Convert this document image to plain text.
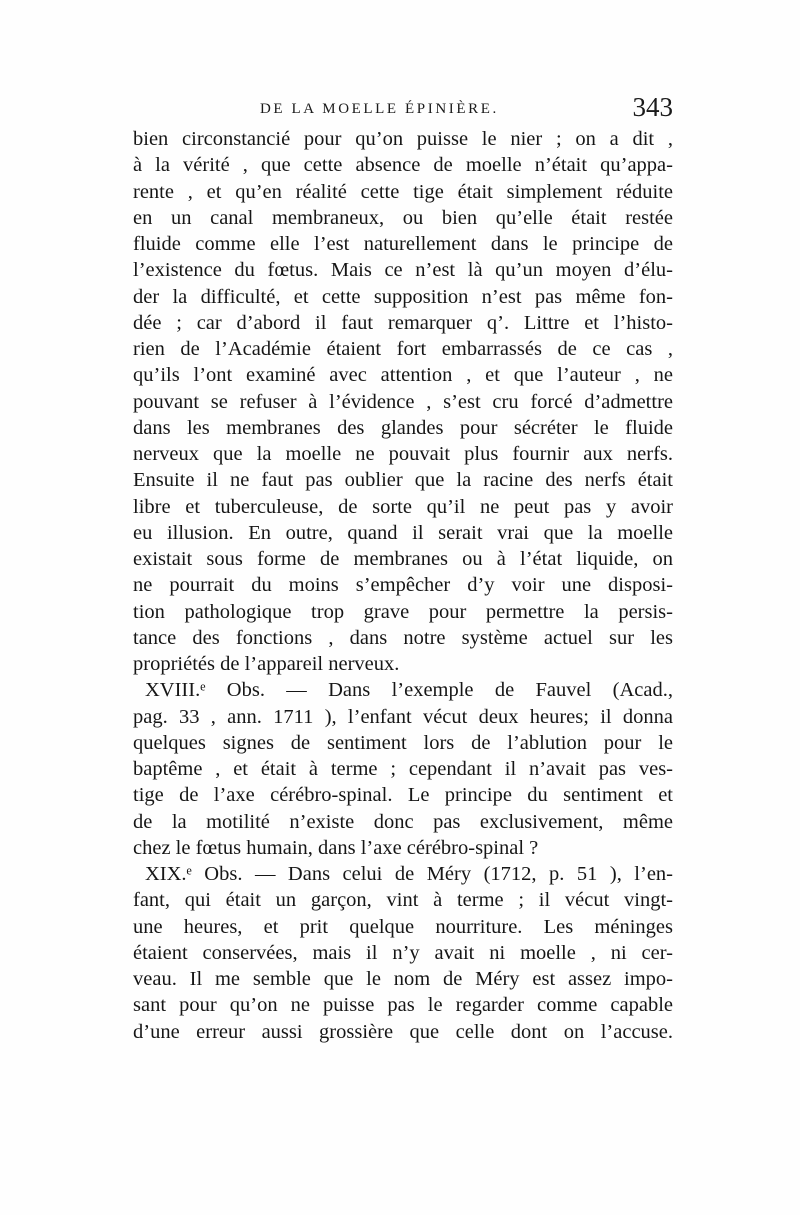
DE LA MOELLE ÉPINIÈRE.	343
bien circonstancié pour qu’on puisse le nier ; on a dit ,
à la vérité , que cette absence de moelle n’était qu’appa-
rente , et qu’en réalité cette tige était simplement réduite
en un canal membraneux, ou bien qu’elle était restée
fluide comme elle l’est naturellement dans le principe de
l’existence du fœtus. Mais ce n’est là qu’un moyen d’élu-
der la difficulté, et cette supposition n’est pas même fon-
dée ; car d’abord il faut remarquer q’. Littre et l’histo-
rien de l’Académie étaient fort embarrassés de ce cas ,
qu’ils l’ont examiné avec attention , et que l’auteur , ne
pouvant se refuser à l’évidence , s’est cru forcé d’admettre
dans les membranes des glandes pour sécréter le fluide
nerveux que la moelle ne pouvait plus fournir aux nerfs.
Ensuite il ne faut pas oublier que la racine des nerfs était
libre et tuberculeuse, de sorte qu’il ne peut pas y avoir
eu illusion. En outre, quand il serait vrai que la moelle
existait sous forme de membranes ou à l’état liquide, on
ne pourrait du moins s’empêcher d’y voir une disposi-
tion pathologique trop grave pour permettre la persis-
tance des fonctions , dans notre système actuel sur les
propriétés de l’appareil nerveux.
XVIII.ᵉ Obs. — Dans l’exemple de Fauvel (Acad.,
pag. 33 , ann. 1711 ), l’enfant vécut deux heures; il donna
quelques signes de sentiment lors de l’ablution pour le
baptême , et était à terme ; cependant il n’avait pas ves-
tige de l’axe cérébro-spinal. Le principe du sentiment et
de la motilité n’existe donc pas exclusivement, même
chez le fœtus humain, dans l’axe cérébro-spinal ?
XIX.ᵉ Obs. — Dans celui de Méry (1712, p. 51 ), l’en-
fant, qui était un garçon, vint à terme ; il vécut vingt-
une heures, et prit quelque nourriture. Les méninges
étaient conservées, mais il n’y avait ni moelle , ni cer-
veau. Il me semble que le nom de Méry est assez impo-
sant pour qu’on ne puisse pas le regarder comme capable
d’une erreur aussi grossière que celle dont on l’accuse.
